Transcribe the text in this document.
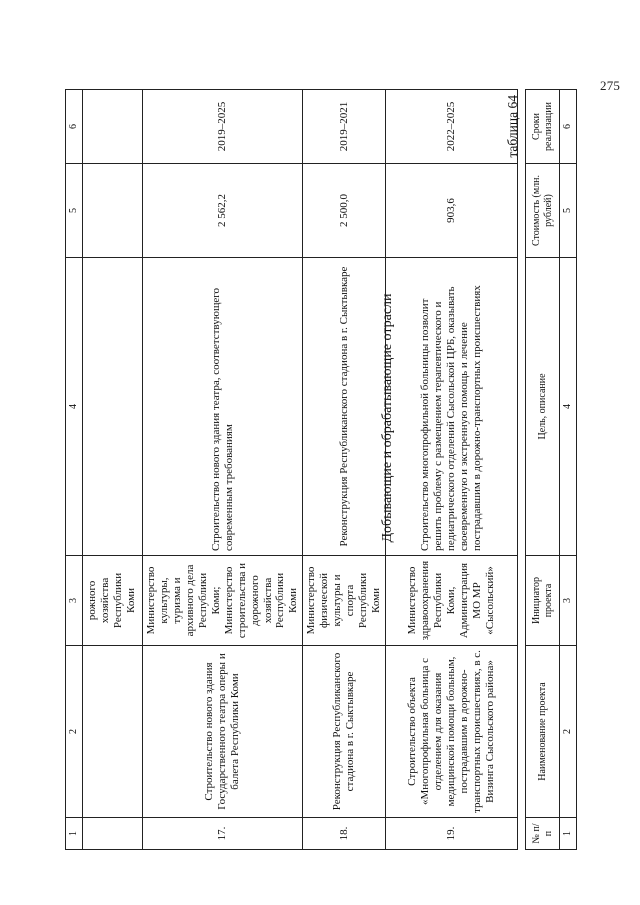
275
1	2	3	4	5	6
		рожного хозяйства Республики Коми			
17.	Строительство нового здания Государственного театра оперы и балета Республики Коми	Министерство культуры, туризма и архивного дела Республики Коми; Министерство строительства и дорожного хозяйства Республики Коми	Строительство нового здания театра, соответствующего современным требованиям	2 562,2	2019–2025
18.	Реконструкция Республиканского стадиона в г. Сыктывкаре	Министерство физической культуры и спорта Республики Коми	Реконструкция Республиканского стадиона в г. Сыктывкаре	2 500,0	2019–2021
19.	Строительство объекта «Многопрофильная больница с отделением для оказания медицинской помощи больным, пострадавшим в дорожно-транспортных происшествиях, в с. Визинга Сысольского района»	Министерство здравоохранения Республики Коми, Администрация МО МР «Сысольский»	Строительство многопрофильной больницы позволит решить проблему с размещением терапевтического и педиатрического отделений Сысольской ЦРБ, оказывать своевременную и экстренную помощь и лечение пострадавшим в дорожно-транспортных происшествиях	903,6	2022–2025
Добывающие и обрабатывающие отрасли
таблица 64
№ п/п	Наименование проекта	Инициатор проекта	Цель, описание	Стоимость (млн. рублей)	Сроки реализации
1	2	3	4	5	6
